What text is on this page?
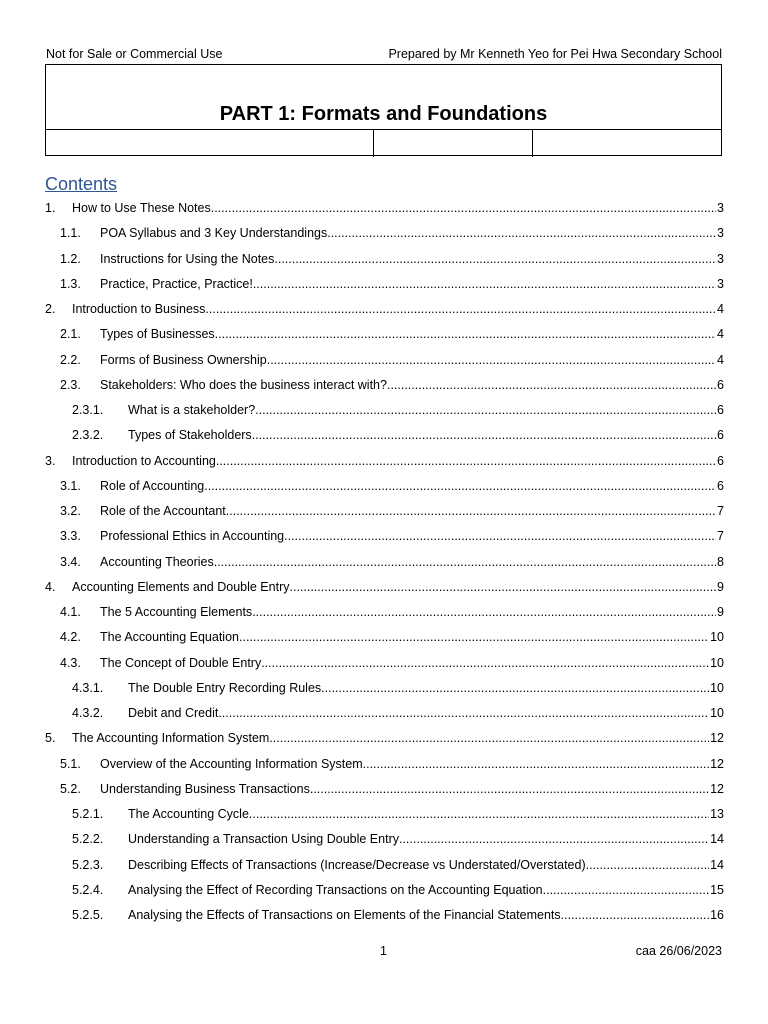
Not for Sale or Commercial Use	Prepared by Mr Kenneth Yeo for Pei Hwa Secondary School
PART 1: Formats and Foundations
Contents
1. How to Use These Notes .....	3
1.1. POA Syllabus and 3 Key Understandings .....	3
1.2. Instructions for Using the Notes .....	3
1.3. Practice, Practice, Practice! .....	3
2. Introduction to Business .....	4
2.1. Types of Businesses .....	4
2.2. Forms of Business Ownership .....	4
2.3. Stakeholders: Who does the business interact with? .....	6
2.3.1. What is a stakeholder? .....	6
2.3.2. Types of Stakeholders .....	6
3. Introduction to Accounting .....	6
3.1. Role of Accounting .....	6
3.2. Role of the Accountant .....	7
3.3. Professional Ethics in Accounting .....	7
3.4. Accounting Theories .....	8
4. Accounting Elements and Double Entry .....	9
4.1. The 5 Accounting Elements .....	9
4.2. The Accounting Equation .....	10
4.3. The Concept of Double Entry .....	10
4.3.1. The Double Entry Recording Rules .....	10
4.3.2. Debit and Credit .....	10
5. The Accounting Information System .....	12
5.1. Overview of the Accounting Information System .....	12
5.2. Understanding Business Transactions .....	12
5.2.1. The Accounting Cycle .....	13
5.2.2. Understanding a Transaction Using Double Entry .....	14
5.2.3. Describing Effects of Transactions (Increase/Decrease vs Understated/Overstated) .....	14
5.2.4. Analysing the Effect of Recording Transactions on the Accounting Equation .....	15
5.2.5. Analysing the Effects of Transactions on Elements of the Financial Statements .....	16
1	caa 26/06/2023
